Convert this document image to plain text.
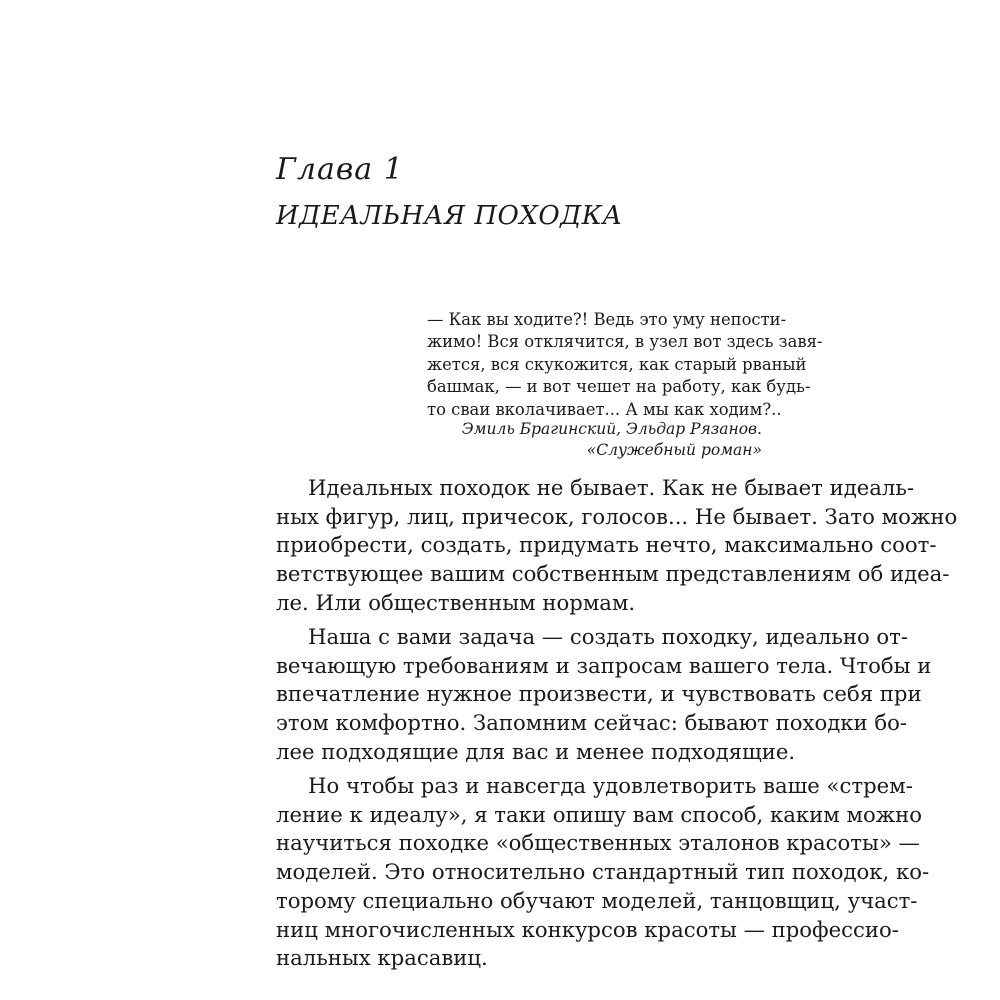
Глава 1
ИДЕАЛЬНАЯ ПОХОДКА
— Как вы ходите?! Ведь это уму непости-
жимо! Вся отклячится, в узел вот здесь завя-
жется, вся скукожится, как старый рваный
башмак, — и вот чешет на работу, как будь-
то сваи вколачивает... А мы как ходим?..
Эмиль Брагинский, Эльдар Рязанов.
«Служебный роман»
Идеальных походок не бывает. Как не бывает идеаль-
ных фигур, лиц, причесок, голосов... Не бывает. Зато можно
приобрести, создать, придумать нечто, максимально соот-
ветствующее вашим собственным представлениям об идеа-
ле. Или общественным нормам.
Наша с вами задача — создать походку, идеально от-
вечающую требованиям и запросам вашего тела. Чтобы и
впечатление нужное произвести, и чувствовать себя при
этом комфортно. Запомним сейчас: бывают походки бо-
лее подходящие для вас и менее подходящие.
Но чтобы раз и навсегда удовлетворить ваше «стрем-
ление к идеалу», я таки опишу вам способ, каким можно
научиться походке «общественных эталонов красоты» —
моделей. Это относительно стандартный тип походок, ко-
торому специально обучают моделей, танцовщиц, участ-
ниц многочисленных конкурсов красоты — профессио-
нальных красавиц.
